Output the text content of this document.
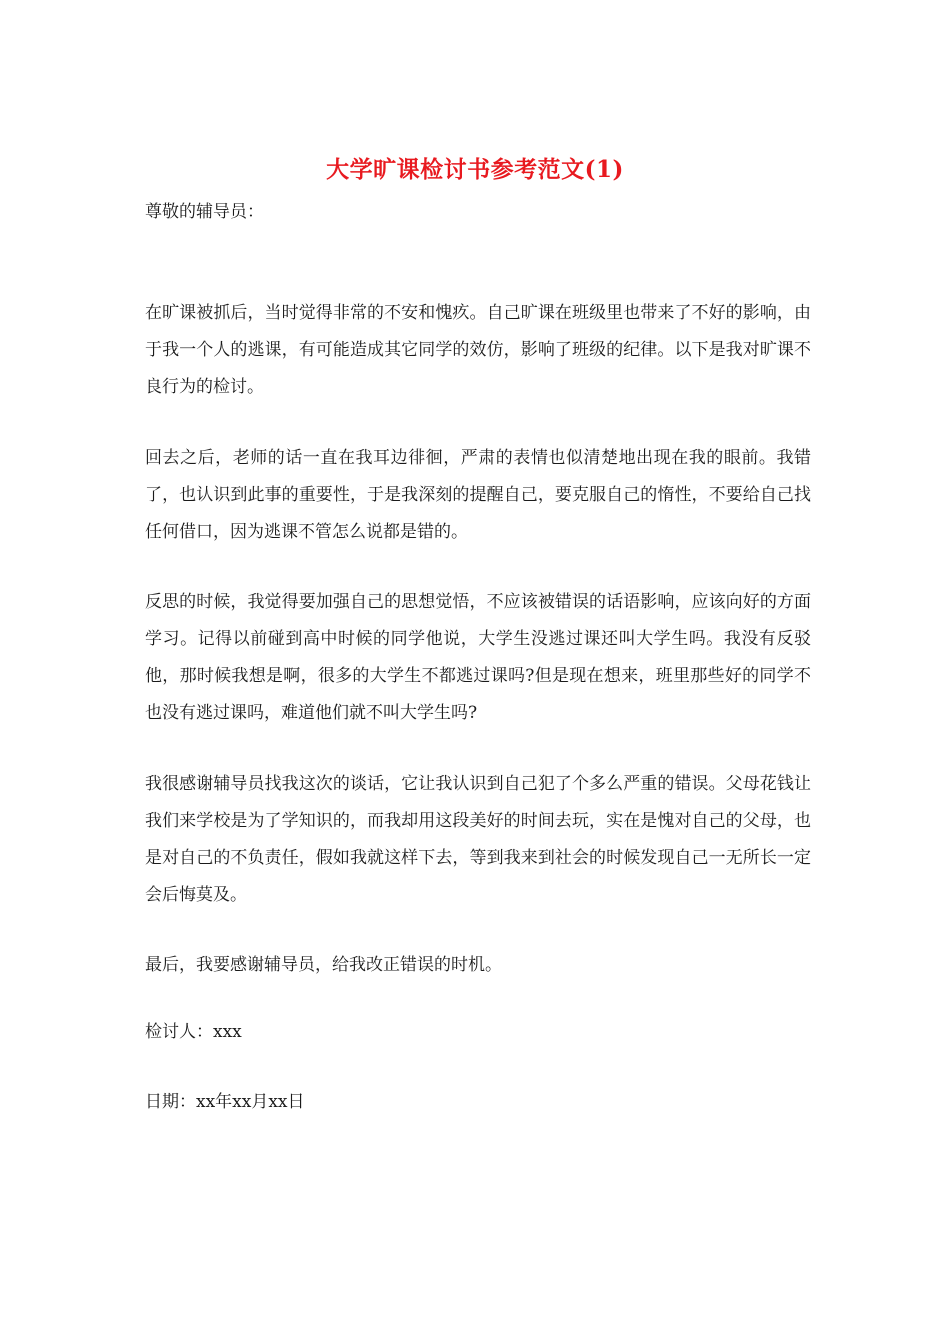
大学旷课检讨书参考范文(1)
尊敬的辅导员：

在旷课被抓后，当时觉得非常的不安和愧疚。自己旷课在班级里也带来了不好的影响，由于我一个人的逃课，有可能造成其它同学的效仿，影响了班级的纪律。以下是我对旷课不良行为的检讨。

回去之后，老师的话一直在我耳边徘徊，严肃的表情也似清楚地出现在我的眼前。我错了，也认识到此事的重要性，于是我深刻的提醒自己，要克服自己的惰性，不要给自己找任何借口，因为逃课不管怎么说都是错的。

反思的时候，我觉得要加强自己的思想觉悟，不应该被错误的话语影响，应该向好的方面学习。记得以前碰到高中时候的同学他说，大学生没逃过课还叫大学生吗。我没有反驳他，那时候我想是啊，很多的大学生不都逃过课吗?但是现在想来，班里那些好的同学不也没有逃过课吗，难道他们就不叫大学生吗?

我很感谢辅导员找我这次的谈话，它让我认识到自己犯了个多么严重的错误。父母花钱让我们来学校是为了学知识的，而我却用这段美好的时间去玩，实在是愧对自己的父母，也是对自己的不负责任，假如我就这样下去，等到我来到社会的时候发现自己一无所长一定会后悔莫及。

最后，我要感谢辅导员，给我改正错误的时机。

检讨人：xxx

日期：xx年xx月xx日
